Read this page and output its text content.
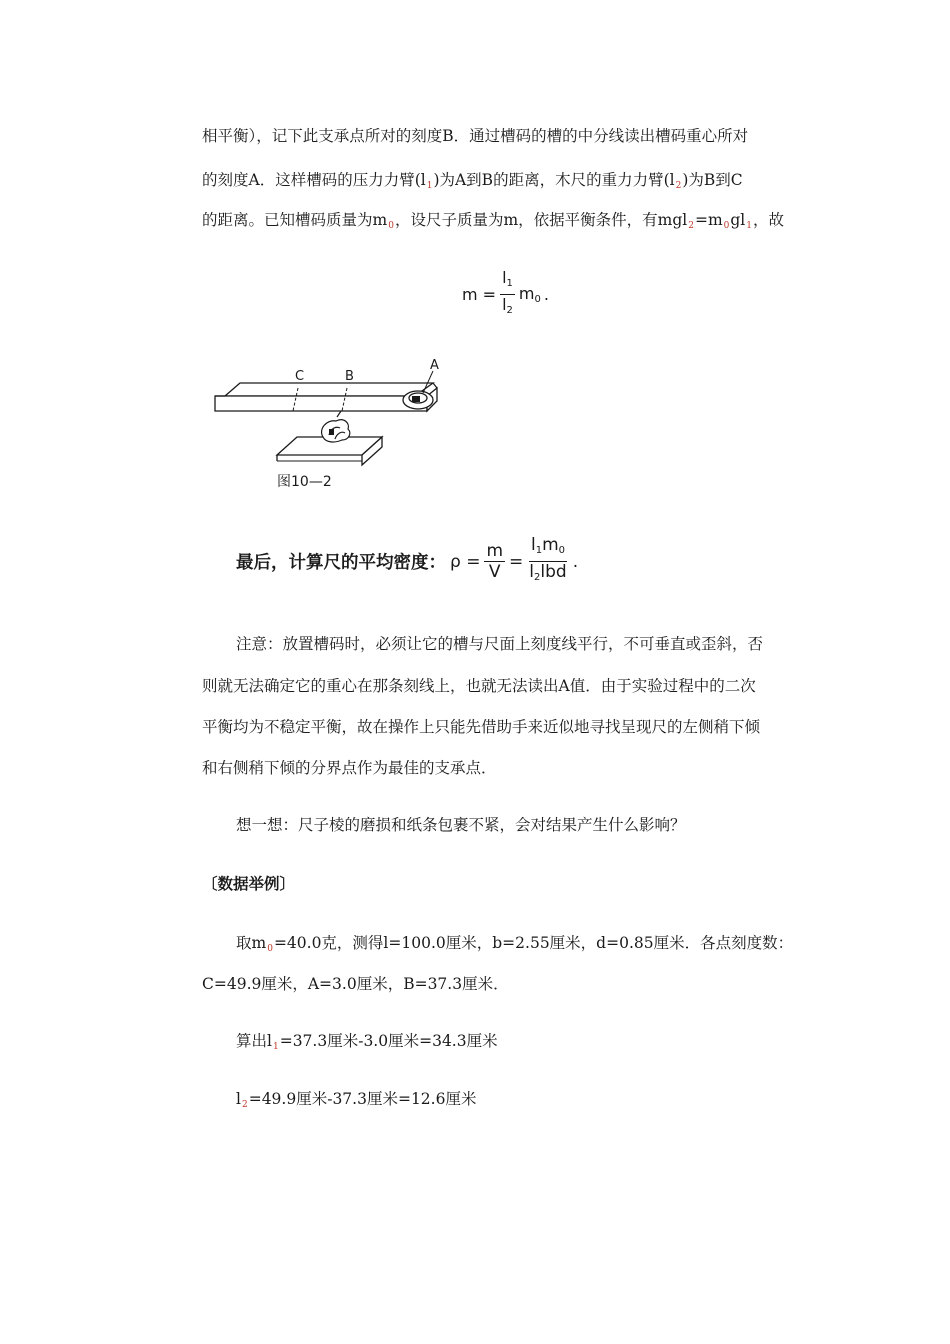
相平衡），记下此支承点所对的刻度B．通过槽码的槽的中分线读出槽码重心所对
的刻度A．这样槽码的压力力臂$(l_1)$为A到B的距离，木尺的重力力臂$(l_2)$为B到C
的距离。已知槽码质量为$m_0$，设尺子质量为m，依据平衡条件，有$mgl_2=m_0gl_1$，故
$m = \frac{l1}{l2} m0$ .
C	B
A
图10—2
最后，计算尺的平均密度： $\rho = \frac{m}{V} = \frac{l1m0}{\text{l2lbd}}$ .
注意：放置槽码时，必须让它的槽与尺面上刻度线平行，不可垂直或歪斜，否
则就无法确定它的重心在那条刻线上，也就无法读出A值．由于实验过程中的二次
平衡均为不稳定平衡，故在操作上只能先借助手来近似地寻找呈现尺的左侧稍下倾
和右侧稍下倾的分界点作为最佳的支承点．
想一想：尺子棱的磨损和纸条包裹不紧，会对结果产生什么影响？
〔数据举例〕
取$m_0=40.0$克，测得l=100.0厘米，b=2.55厘米，d=0.85厘米．各点刻度数：
C=49.9厘米，A=3.0厘米，B=37.3厘米．
算出$l_1=37.3$厘米-3.0厘米=34.3厘米
$l_2=49.9$厘米-37.3厘米=12.6厘米
